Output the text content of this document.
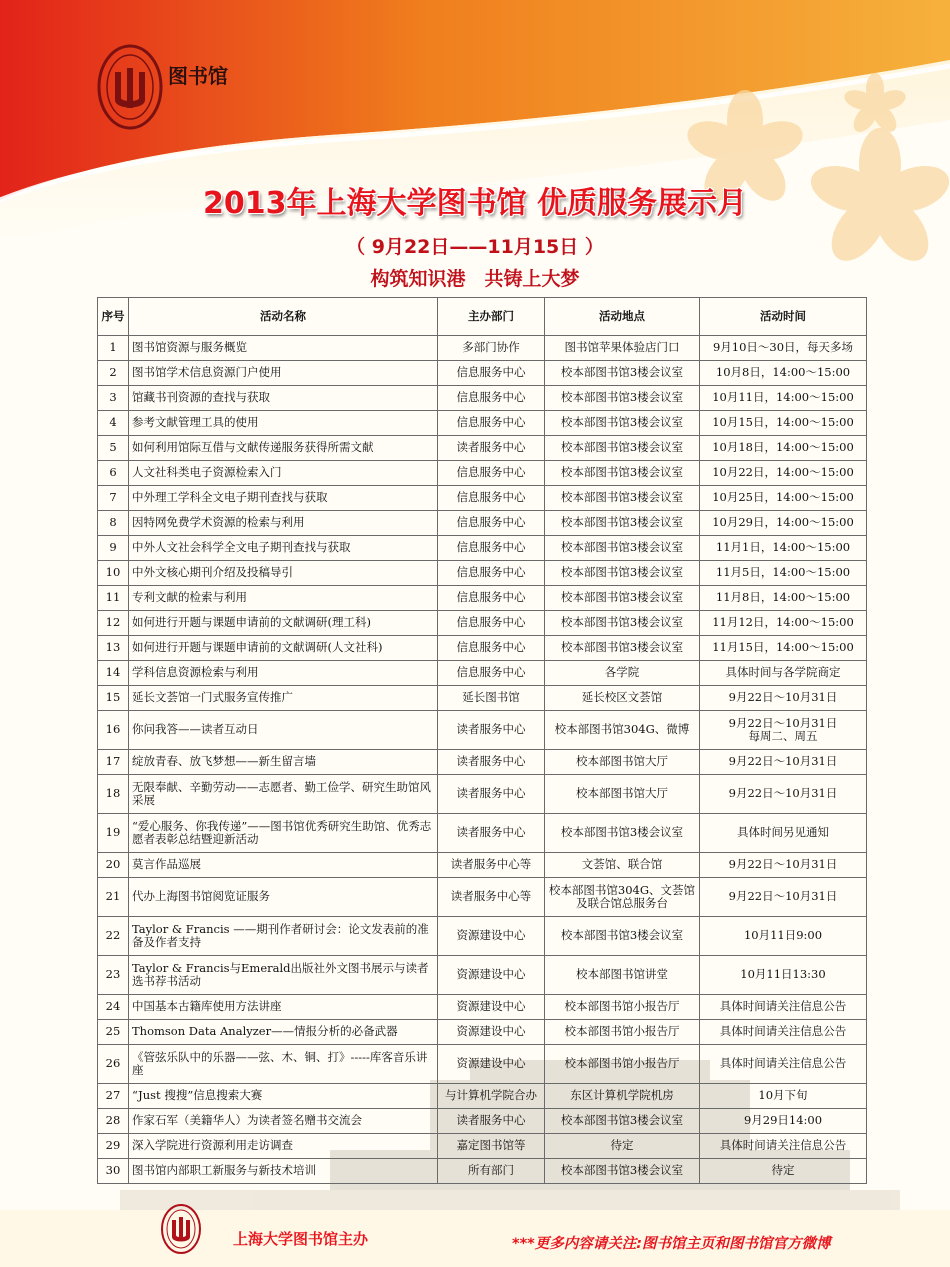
图书馆
2013年上海大学图书馆 优质服务展示月
（ 9月22日——11月15日 ）
构筑知识港　共铸上大梦
序号	活动名称	主办部门	活动地点	活动时间
1	图书馆资源与服务概览	多部门协作	图书馆苹果体验店门口	9月10日～30日，每天多场
2	图书馆学术信息资源门户使用	信息服务中心	校本部图书馆3楼会议室	10月8日，14:00～15:00
3	馆藏书刊资源的查找与获取	信息服务中心	校本部图书馆3楼会议室	10月11日，14:00～15:00
4	参考文献管理工具的使用	信息服务中心	校本部图书馆3楼会议室	10月15日，14:00～15:00
5	如何利用馆际互借与文献传递服务获得所需文献	读者服务中心	校本部图书馆3楼会议室	10月18日，14:00～15:00
6	人文社科类电子资源检索入门	信息服务中心	校本部图书馆3楼会议室	10月22日，14:00～15:00
7	中外理工学科全文电子期刊查找与获取	信息服务中心	校本部图书馆3楼会议室	10月25日，14:00～15:00
8	因特网免费学术资源的检索与利用	信息服务中心	校本部图书馆3楼会议室	10月29日，14:00～15:00
9	中外人文社会科学全文电子期刊查找与获取	信息服务中心	校本部图书馆3楼会议室	11月1日，14:00～15:00
10	中外文核心期刊介绍及投稿导引	信息服务中心	校本部图书馆3楼会议室	11月5日，14:00～15:00
11	专利文献的检索与利用	信息服务中心	校本部图书馆3楼会议室	11月8日，14:00～15:00
12	如何进行开题与课题申请前的文献调研(理工科)	信息服务中心	校本部图书馆3楼会议室	11月12日，14:00～15:00
13	如何进行开题与课题申请前的文献调研(人文社科)	信息服务中心	校本部图书馆3楼会议室	11月15日，14:00～15:00
14	学科信息资源检索与利用	信息服务中心	各学院	具体时间与各学院商定
15	延长文荟馆一门式服务宣传推广	延长图书馆	延长校区文荟馆	9月22日～10月31日
16	你问我答——读者互动日	读者服务中心	校本部图书馆304G、微博	9月22日～10月31日
每周二、周五

17	绽放青春、放飞梦想——新生留言墙	读者服务中心	校本部图书馆大厅	9月22日～10月31日
18	无限奉献、辛勤劳动——志愿者、勤工俭学、研究生助馆风采展	读者服务中心	校本部图书馆大厅	9月22日～10月31日
19	“爱心服务、你我传递”——图书馆优秀研究生助馆、优秀志愿者表彰总结暨迎新活动	读者服务中心	校本部图书馆3楼会议室	具体时间另见通知
20	莫言作品巡展	读者服务中心等	文荟馆、联合馆	9月22日～10月31日
21	代办上海图书馆阅览证服务	读者服务中心等	校本部图书馆304G、文荟馆及联合馆总服务台	9月22日～10月31日
22	Taylor & Francis ——期刊作者研讨会：论文发表前的准备及作者支持	资源建设中心	校本部图书馆3楼会议室	10月11日9:00
23	Taylor & Francis与Emerald出版社外文图书展示与读者选书荐书活动	资源建设中心	校本部图书馆讲堂	10月11日13:30
24	中国基本古籍库使用方法讲座	资源建设中心	校本部图书馆小报告厅	具体时间请关注信息公告
25	Thomson Data Analyzer——情报分析的必备武器	资源建设中心	校本部图书馆小报告厅	具体时间请关注信息公告
26	《管弦乐队中的乐器——弦、木、铜、打》-----库客音乐讲座	资源建设中心	校本部图书馆小报告厅	具体时间请关注信息公告
27	“Just 搜搜”信息搜索大赛	与计算机学院合办	东区计算机学院机房	10月下旬
28	作家石军（美籍华人）为读者签名赠书交流会	读者服务中心	校本部图书馆3楼会议室	9月29日14:00
29	深入学院进行资源利用走访调查	嘉定图书馆等	待定	具体时间请关注信息公告
30	图书馆内部职工新服务与新技术培训	所有部门	校本部图书馆3楼会议室	待定
上海大学图书馆主办	***更多内容请关注:图书馆主页和图书馆官方微博
